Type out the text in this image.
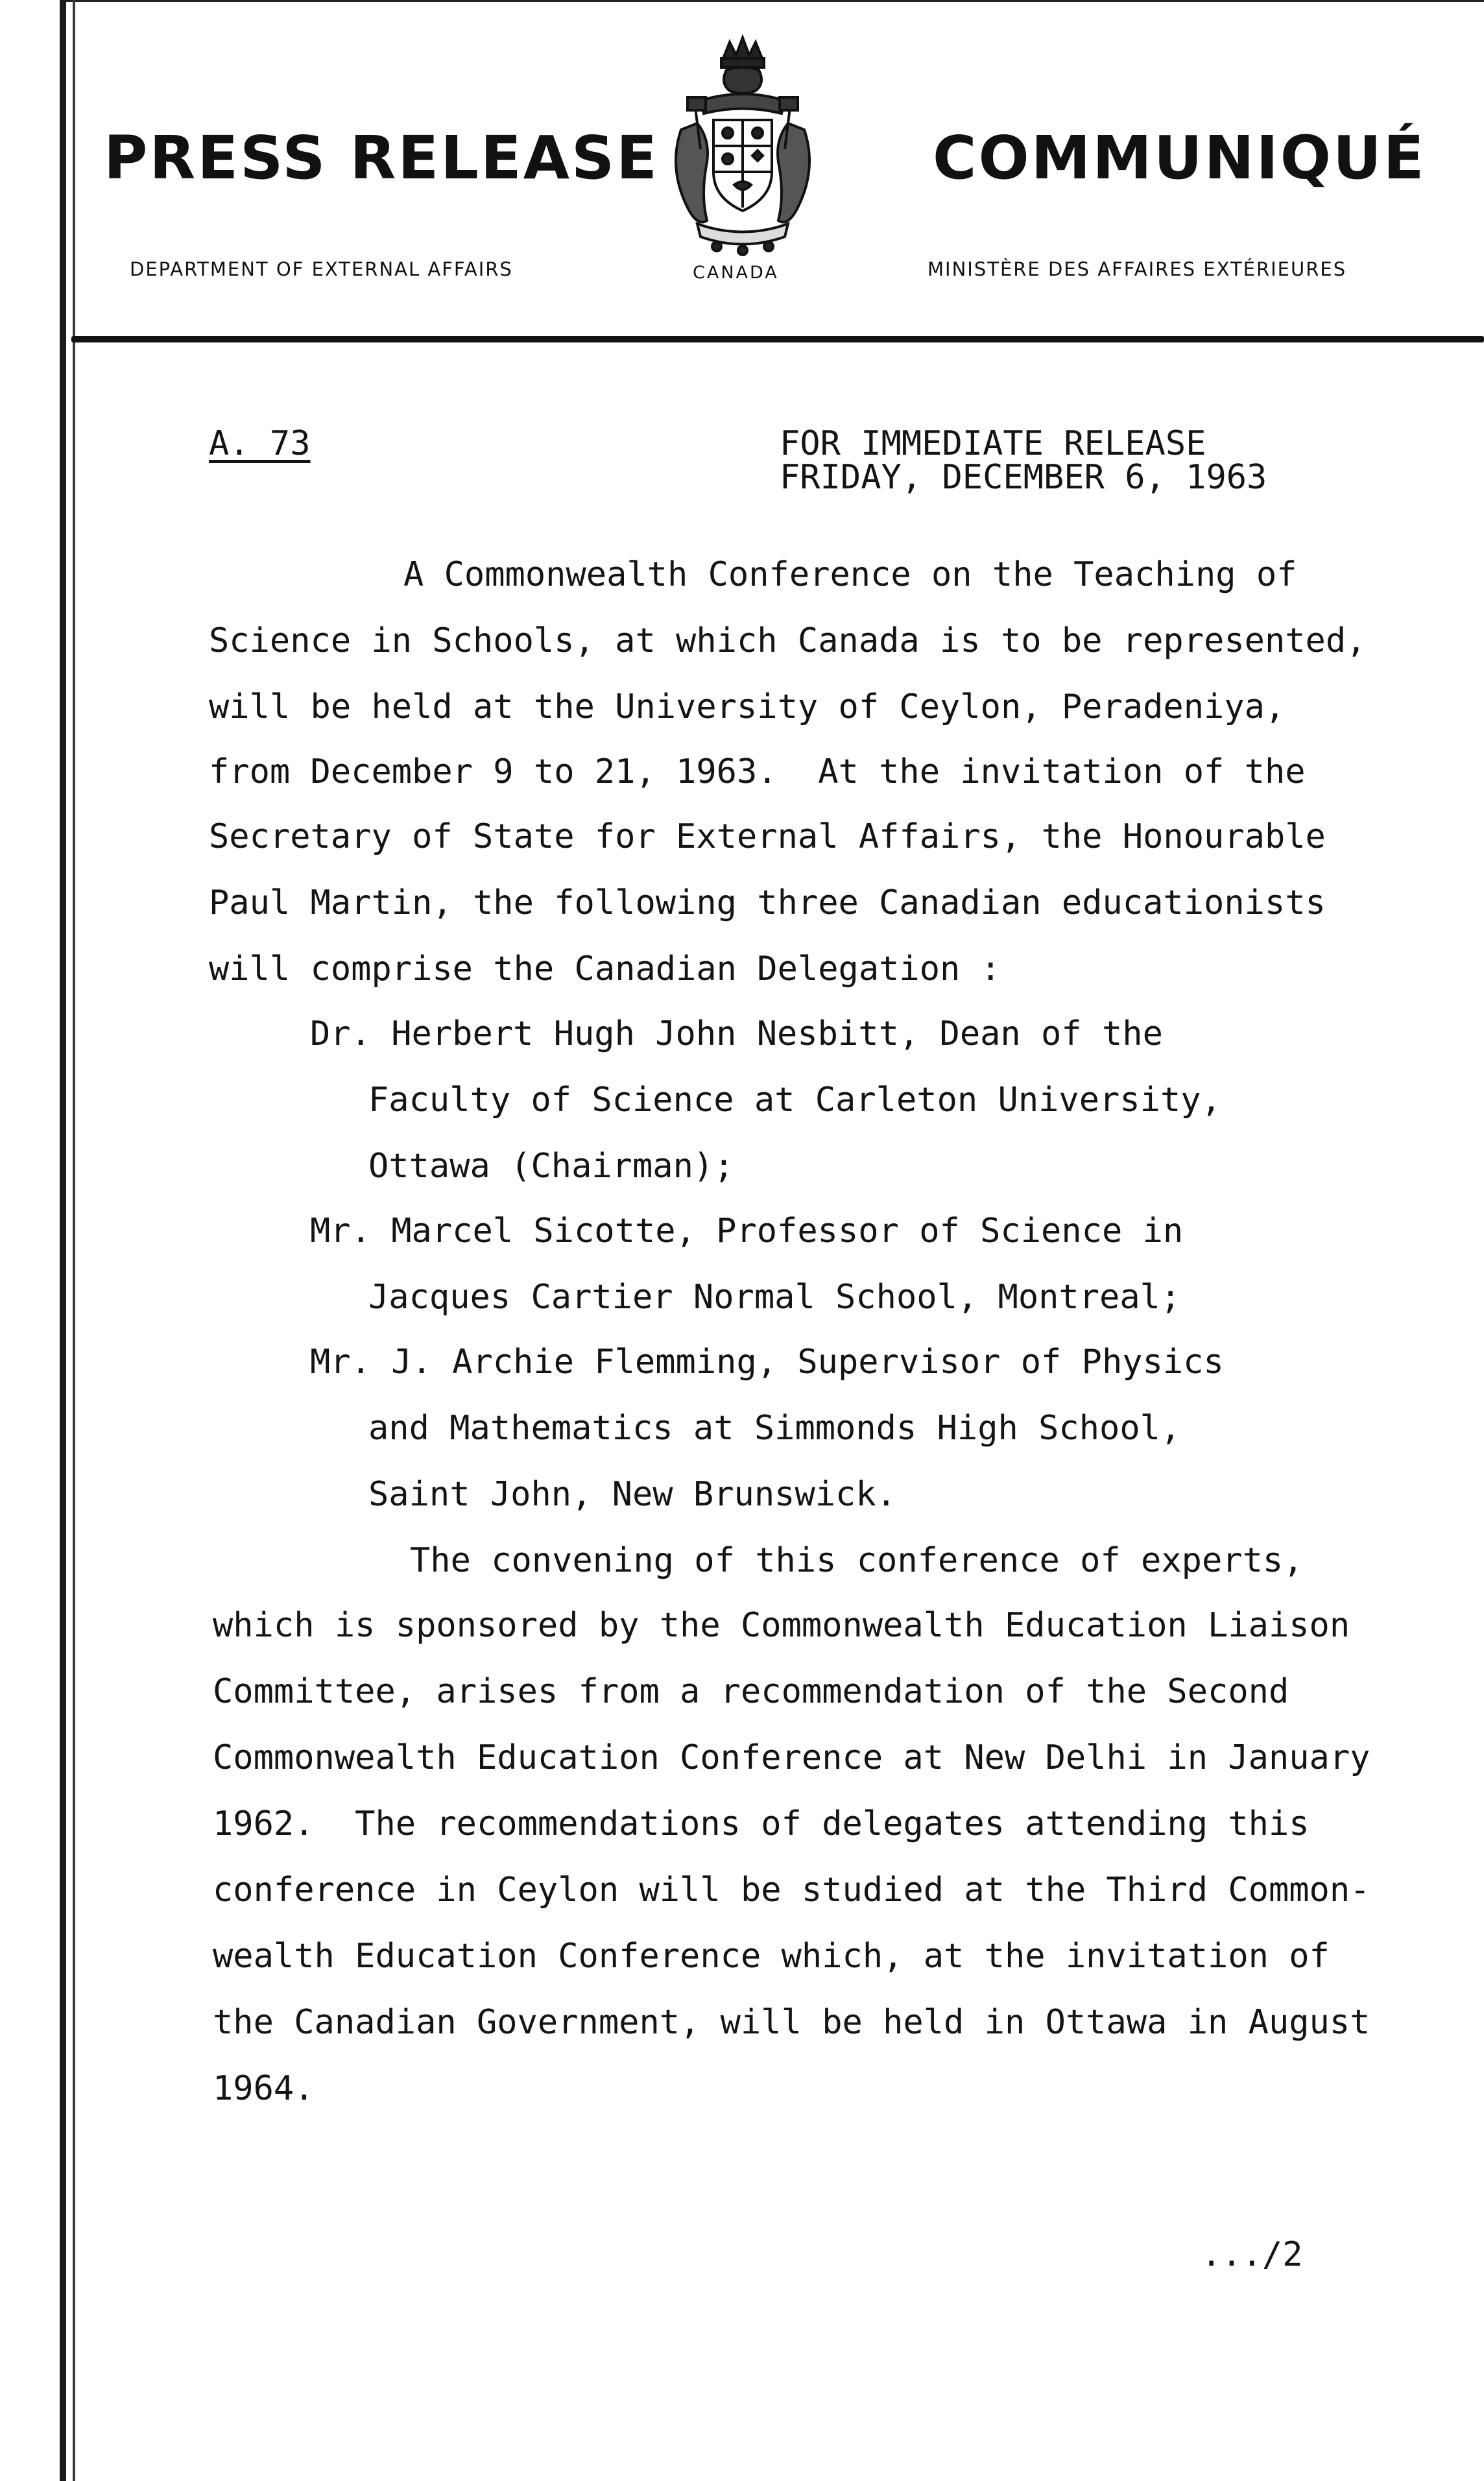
PRESS RELEASE	COMMUNIQUÉ
DEPARTMENT OF EXTERNAL AFFAIRS	CANADA	MINISTÈRE DES AFFAIRES EXTÉRIEURES
A. 73	FOR IMMEDIATE RELEASE
FRIDAY, DECEMBER 6, 1963
A Commonwealth Conference on the Teaching of
Science in Schools, at which Canada is to be represented,
will be held at the University of Ceylon, Peradeniya,
from December 9 to 21, 1963.  At the invitation of the
Secretary of State for External Affairs, the Honourable
Paul Martin, the following three Canadian educationists
will comprise the Canadian Delegation :
Dr. Herbert Hugh John Nesbitt, Dean of the
Faculty of Science at Carleton University,
Ottawa (Chairman);
Mr. Marcel Sicotte, Professor of Science in
Jacques Cartier Normal School, Montreal;
Mr. J. Archie Flemming, Supervisor of Physics
and Mathematics at Simmonds High School,
Saint John, New Brunswick.
The convening of this conference of experts,
which is sponsored by the Commonwealth Education Liaison
Committee, arises from a recommendation of the Second
Commonwealth Education Conference at New Delhi in January
1962.  The recommendations of delegates attending this
conference in Ceylon will be studied at the Third Common-
wealth Education Conference which, at the invitation of
the Canadian Government, will be held in Ottawa in August
1964.
.../2
